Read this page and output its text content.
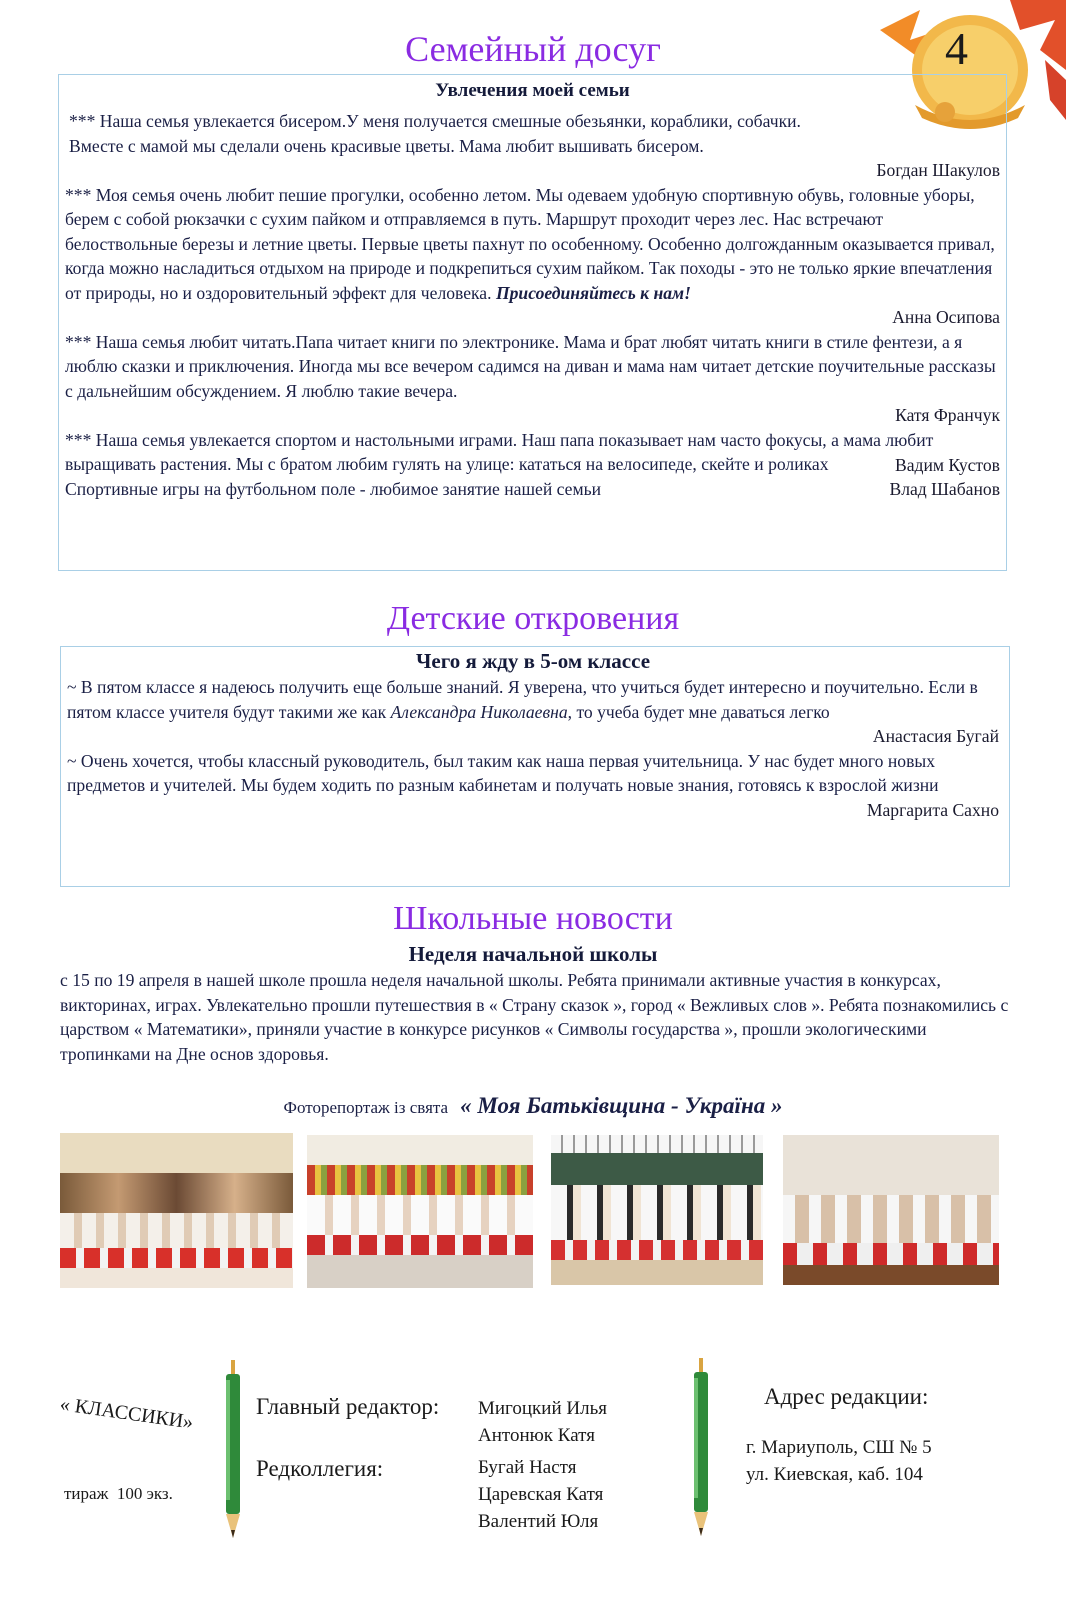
4
Семейный досуг
Увлечения моей семьи

*** Наша семья увлекается бисером.У меня получается смешные обезьянки, кораблики, собачки. Вместе с мамой мы сделали очень красивые цветы. Мама любит вышивать бисером.

Богдан Шакулов

*** Моя семья очень любит пешие прогулки, особенно летом. Мы одеваем удобную спортивную обувь, головные уборы, берем с собой рюкзачки с сухим пайком и отправляемся в путь. Маршрут проходит через лес. Нас встречают белоствольные березы и летние цветы. Первые цветы пахнут по особенному. Особенно долгожданным оказывается привал, когда можно насладиться отдыхом на природе и подкрепиться сухим пайком. Так походы - это не только яркие впечатления от природы, но и оздоровительный эффект для человека. Присоединяйтесь к нам!

Анна Осипова

*** Наша семья любит читать.Папа читает книги по электронике. Мама и брат любят читать книги в стиле фентези, а я люблю сказки и приключения. Иногда мы все вечером садимся на диван и мама нам читает детские поучительные рассказы с дальнейшим обсуждением. Я люблю такие вечера.

Катя Франчук

*** Наша семья увлекается спортом и настольными играми. Наш папа показывает нам часто фокусы, а мама любит выращивать растения. Мы с братом любим гулять на улице: кататься на велосипеде, скейте и роликах	Вадим Кустов

Спортивные игры на футбольном поле - любимое занятие нашей семьи	Влад Шабанов
Детские откровения
Чего я жду в 5-ом классе

~ В пятом классе я надеюсь получить еще больше знаний. Я уверена, что учиться будет интересно и поучительно. Если в пятом классе учителя будут такими же как Александра Николаевна, то учеба будет мне даваться легко

Анастасия Бугай

~ Очень хочется, чтобы классный руководитель, был таким как наша первая учительница. У нас будет много новых предметов и учителей. Мы будем ходить по разным кабинетам и получать новые знания, готовясь к взрослой жизни

Маргарита Сахно
Школьные новости
Неделя начальной школы

с 15 по 19 апреля в нашей школе прошла неделя начальной школы. Ребята принимали активные участия в конкурсах, викторинах, играх. Увлекательно прошли путешествия в « Страну сказок », город « Вежливых слов ». Ребята познакомились с царством « Математики», приняли участие в конкурсе рисунков « Символы государства », прошли экологическими тропинками на Дне основ здоровья.

Фоторепортаж із свята « Моя Батьківщина - Україна »
« КЛАССИКИ»
тираж  100 экз.
Главный редактор: Мигоцкий Илья
Антонюк Катя
Редколлегия:	Бугай Настя
Царевская Катя
Валентий Юля
Адрес редакции:
г. Мариуполь, СШ № 5
ул. Киевская, каб. 104
